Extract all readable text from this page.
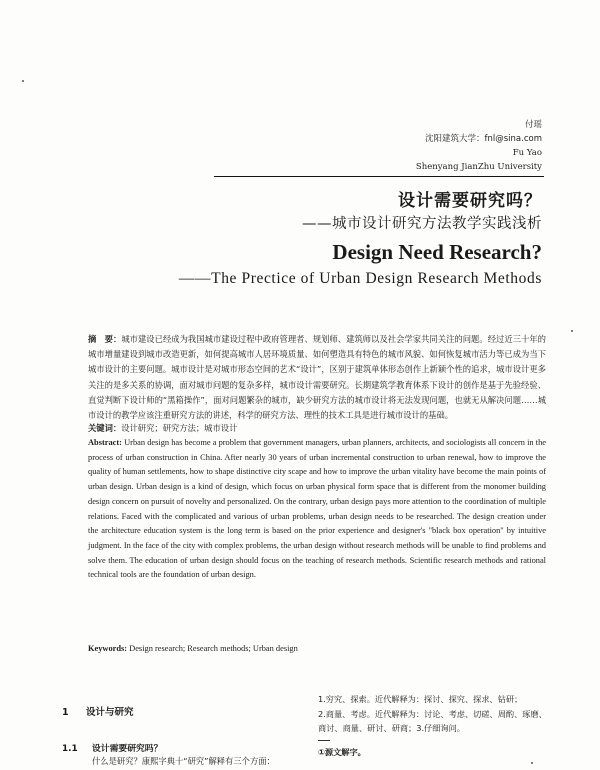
付瑶
沈阳建筑大学：fnl@sina.com
Fu Yao
Shenyang JianZhu University
设计需要研究吗？
——城市设计研究方法教学实践浅析
Design Need Research?
——The Prectice of Urban Design Research Methods
摘　要：城市建设已经成为我国城市建设过程中政府管理者、规划师、建筑师以及社会学家共同关注的问题。经过近三十年的城市增量建设到城市改造更新，如何提高城市人居环境质量、如何塑造具有特色的城市风貌、如何恢复城市活力等已成为当下城市设计的主要问题。城市设计是对城市形态空间的艺术“设计”，区别于建筑单体形态创作上新颖个性的追求，城市设计更多关注的是多关系的协调，面对城市问题的复杂多样，城市设计需要研究。长期建筑学教育体系下设计的创作是基于先验经验、直觉判断下设计师的“黑箱操作”，面对问题繁杂的城市，缺少研究方法的城市设计将无法发现问题，也就无从解决问题……城市设计的教学应该注重研究方法的讲述，科学的研究方法、理性的技术工具是进行城市设计的基础。
关键词：设计研究；研究方法；城市设计
Abstract: Urban design has become a problem that government managers, urban planners, architects, and sociologists all concern in the process of urban construction in China. After nearly 30 years of urban incremental construction to urban renewal, how to improve the quality of human settlements, how to shape distinctive city scape and how to improve the urban vitality have become the main points of urban design. Urban design is a kind of design, which focus on urban physical form space that is different from the monomer building design concern on pursuit of novelty and personalized. On the contrary, urban design pays more attention to the coordination of multiple relations. Faced with the complicated and various of urban problems, urban design needs to be researched. The design creation under the architecture education system is the long term is based on the prior experience and designer's "black box operation" by intuitive judgment. In the face of the city with complex problems, the urban design without research methods will be unable to find problems and solve them. The education of urban design should focus on the teaching of research methods. Scientific research methods and rational technical tools are the foundation of urban design.
Keywords: Design research; Research methods; Urban design
1 设计与研究
1.1 设计需要研究吗？
什么是研究？康熙字典十“研究”解释有三个方面：
1.穷究、探索。近代解释为：探讨、探究、探求、钻研；
2.商量、考虑。近代解释为：讨论、考虑、切磋、周酌、琢磨、商讨、商量、研讨、研商；3.仔细询问。
①源文解字。
